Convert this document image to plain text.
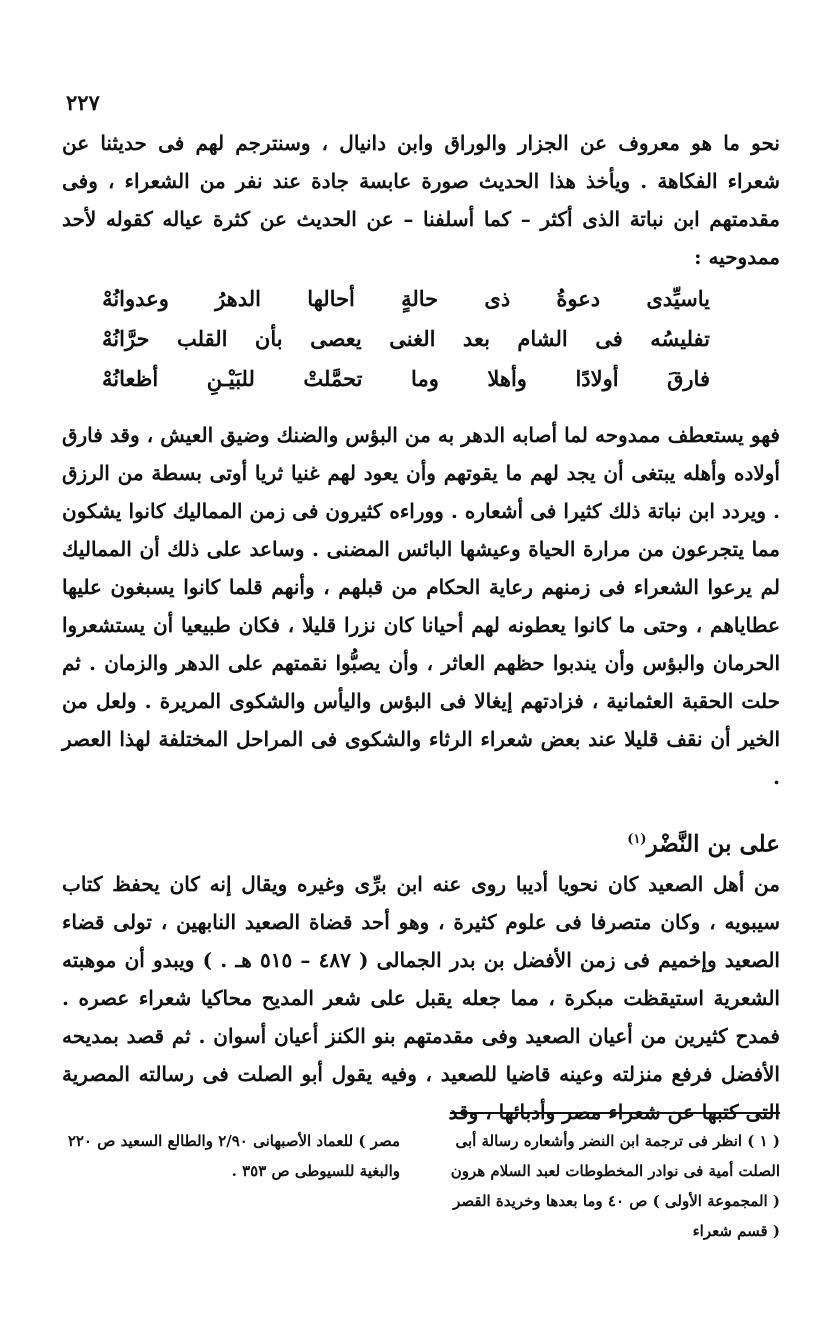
٢٢٧

نحو ما هو معروف عن الجزار والوراق وابن دانيال ، وسنترجم لهم فى حديثنا عن شعراء الفكاهة . ويأخذ هذا الحديث صورة عابسة جادة عند نفر من الشعراء ، وفى مقدمتهم ابن نباتة الذى أكثر – كما أسلفنا – عن الحديث عن كثرة عياله كقوله لأحد ممدوحيه :

ياسيِّدى
دعوةُ
ذى
حالةٍ
أحالها
الدهرُ
وعدوانُهْ
تفليسُه
فى
الشام
بعد
الغنى
يعصى
بأن
القلب
حرَّانُهْ
فارقَ
أولادًا
وأهلا
وما
تحمَّلتْ
للبَيْـنِ
أظعانُهْ

فهو يستعطف ممدوحه لما أصابه الدهر به من البؤس والضنك وضيق العيش ، وقد فارق أولاده وأهله يبتغى أن يجد لهم ما يقوتهم وأن يعود لهم غنيا ثريا أوتى بسطة من الرزق . ويردد ابن نباتة ذلك كثيرا فى أشعاره . ووراءه كثيرون فى زمن المماليك كانوا يشكون مما يتجرعون من مرارة الحياة وعيشها البائس المضنى . وساعد على ذلك أن المماليك لم يرعوا الشعراء فى زمنهم رعاية الحكام من قبلهم ، وأنهم قلما كانوا يسبغون عليها عطاياهم ، وحتى ما كانوا يعطونه لهم أحيانا كان نزرا قليلا ، فكان طبيعيا أن يستشعروا الحرمان والبؤس وأن يندبوا حظهم العاثر ، وأن يصبُّوا نقمتهم على الدهر والزمان . ثم حلت الحقبة العثمانية ، فزادتهم إيغالا فى البؤس واليأس والشكوى المريرة . ولعل من الخير أن نقف قليلا عند بعض شعراء الرثاء والشكوى فى المراحل المختلفة لهذا العصر .

على بن النَّضْر$^{(١)}$

من أهل الصعيد كان نحويا أديبا روى عنه ابن برِّى وغيره ويقال إنه كان يحفظ كتاب سيبويه ، وكان متصرفا فى علوم كثيرة ، وهو أحد قضاة الصعيد النابهين ، تولى قضاء الصعيد وإخميم فى زمن الأفضل بن بدر الجمالى ( ٤٨٧ – ٥١٥ هـ . ) ويبدو أن موهبته الشعرية استيقظت مبكرة ، مما جعله يقبل على شعر المديح محاكيا شعراء عصره . فمدح كثيرين من أعيان الصعيد وفى مقدمتهم بنو الكنز أعيان أسوان . ثم قصد بمديحه الأفضل فرفع منزلته وعينه قاضيا للصعيد ، وفيه يقول أبو الصلت فى رسالته المصرية التى كتبها عن شعراء مصر وأدبائها ، وقد

( ١ ) انظر فى ترجمة ابن النضر وأشعاره رسالة أبى الصلت أمية فى نوادر المخطوطات لعبد السلام هرون ( المجموعة الأولى ) ص ٤٠ وما بعدها وخريدة القصر ( قسم شعراء
مصر ) للعماد الأصبهانى ٢/٩٠ والطالع السعيد ص ٢٢٠ والبغية للسيوطى ص ٣٥٣ .
